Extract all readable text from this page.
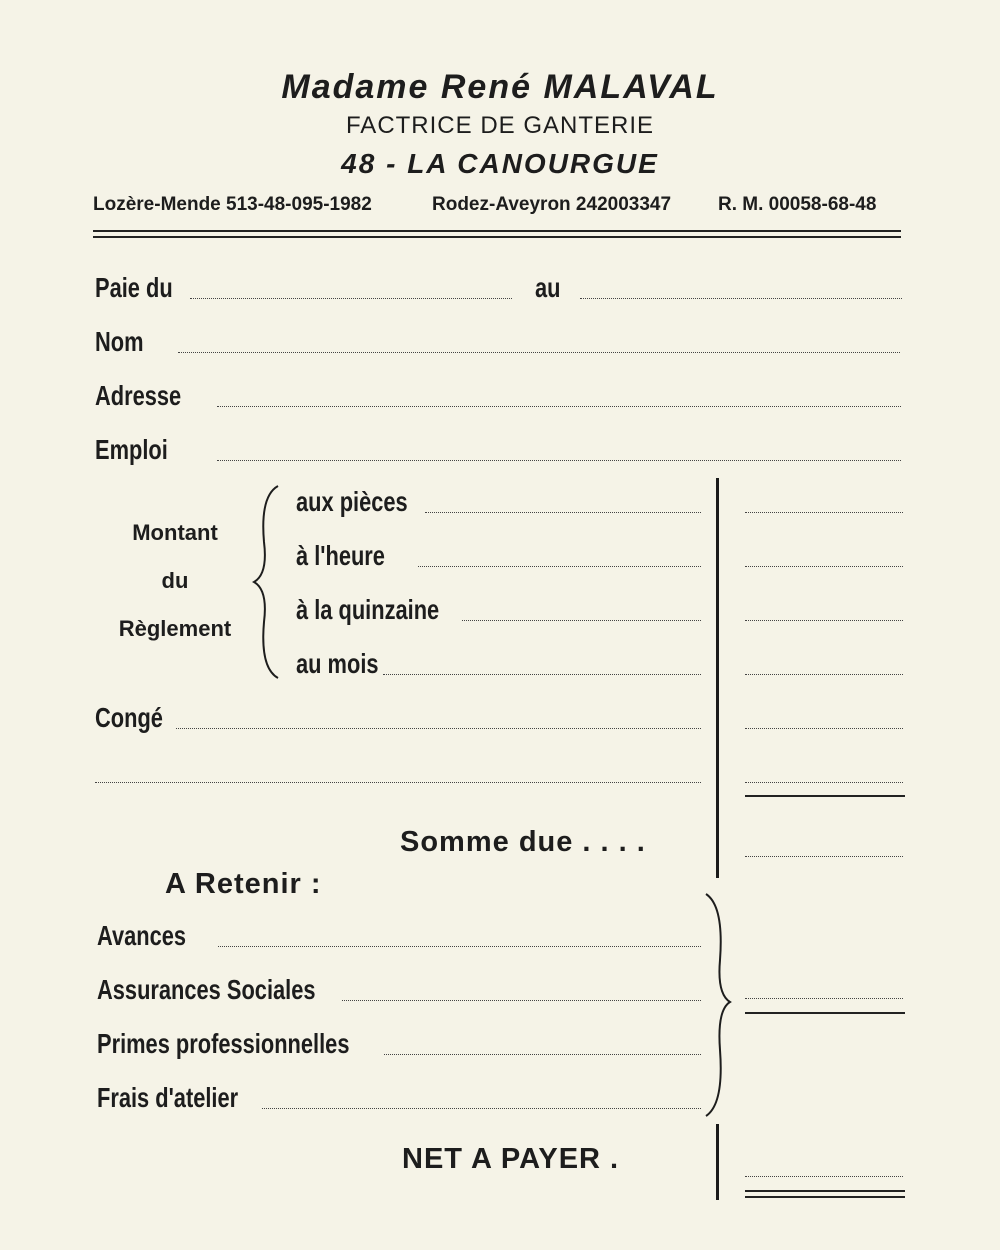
Madame René MALAVAL
FACTRICE DE GANTERIE
48 - LA CANOURGUE
Lozère-Mende 513-48-095-1982	Rodez-Aveyron 242003347 R. M. 00058-68-48
Paie du	au
Nom
Adresse
Emploi
Montant
du
Règlement
aux pièces
à l'heure
à la quinzaine
au mois
Congé
Somme due . . . .
A Retenir :
Avances
Assurances Sociales
Primes professionnelles
Frais d'atelier
NET A PAYER .
